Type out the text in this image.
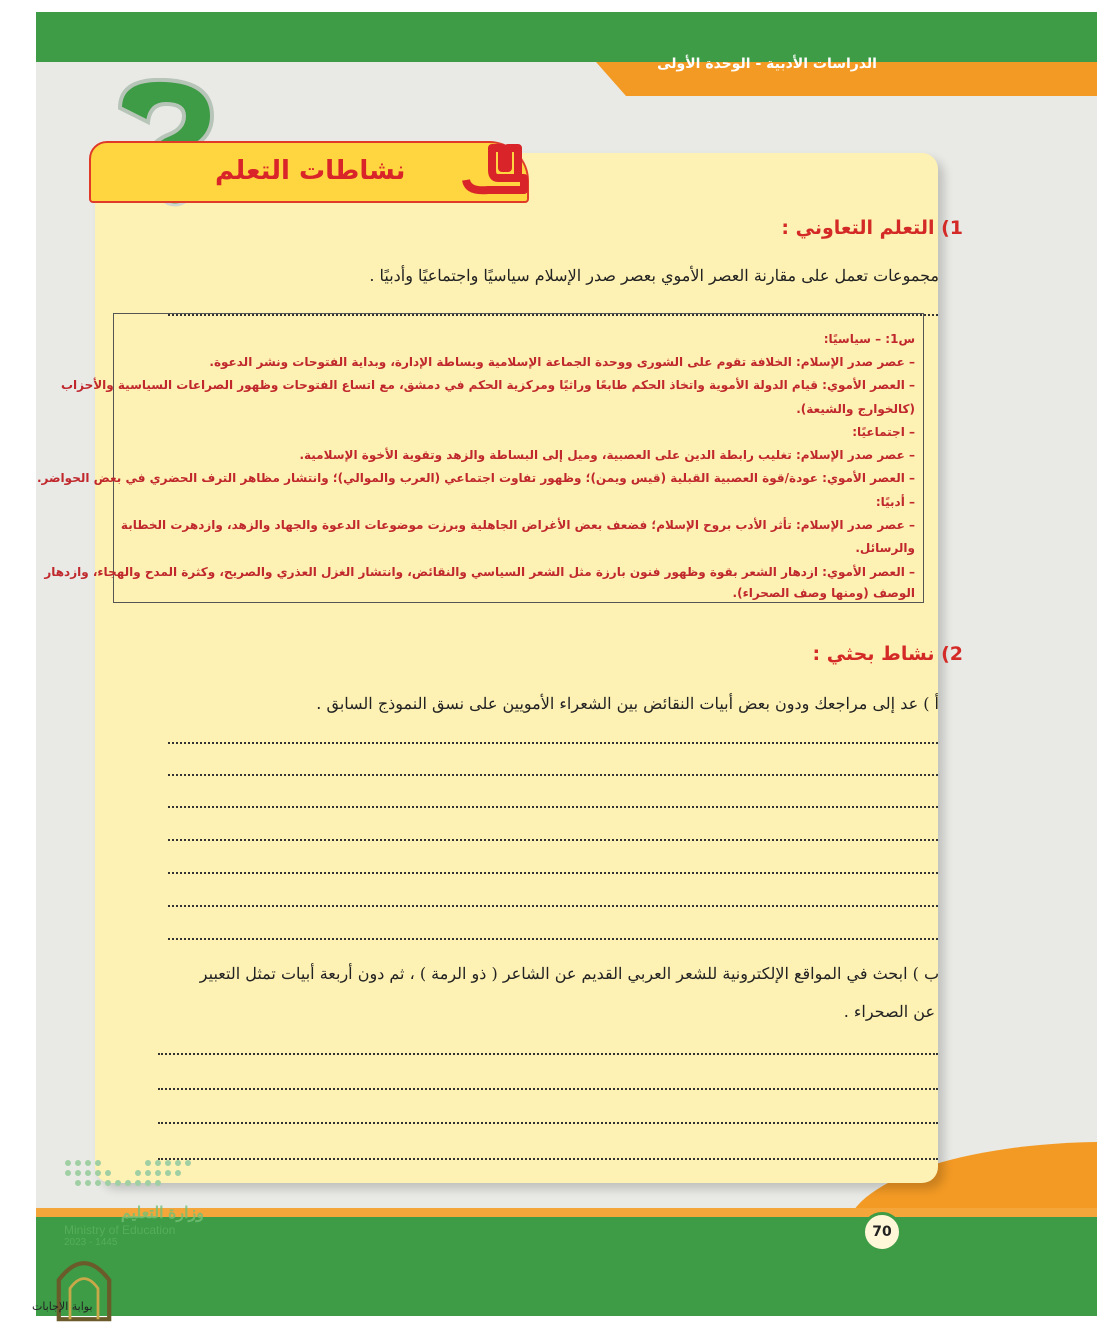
الدراسات الأدبية - الوحدة الأولى
نشاطات التعلم
1) التعلم التعاوني :
مجموعات تعمل على مقارنة العصر الأموي بعصر صدر الإسلام سياسيًا واجتماعيًا وأدبيًا .
س1: – سياسيًا:
– عصر صدر الإسلام: الخلافة تقوم على الشورى ووحدة الجماعة الإسلامية وبساطة الإدارة، وبداية الفتوحات ونشر الدعوة.
– العصر الأموي: قيام الدولة الأموية واتخاذ الحكم طابعًا وراثيًا ومركزية الحكم في دمشق، مع اتساع الفتوحات وظهور الصراعات السياسية والأحزاب
(كالخوارج والشيعة).
– اجتماعيًا:
– عصر صدر الإسلام: تغليب رابطة الدين على العصبية، وميل إلى البساطة والزهد وتقوية الأخوة الإسلامية.
– العصر الأموي: عودة/قوة العصبية القبلية (قيس ويمن)؛ وظهور تفاوت اجتماعي (العرب والموالي)؛ وانتشار مظاهر الترف الحضري في بعض الحواضر.
– أدبيًا:
– عصر صدر الإسلام: تأثر الأدب بروح الإسلام؛ فضعف بعض الأغراض الجاهلية وبرزت موضوعات الدعوة والجهاد والزهد، وازدهرت الخطابة
والرسائل.
– العصر الأموي: ازدهار الشعر بقوة وظهور فنون بارزة مثل الشعر السياسي والنقائض، وانتشار الغزل العذري والصريح، وكثرة المدح والهجاء، وازدهار
الوصف (ومنها وصف الصحراء).
2) نشاط بحثي :
أ ) عد إلى مراجعك ودون بعض أبيات النقائض بين الشعراء الأمويين على نسق النموذج السابق .
ب ) ابحث في المواقع الإلكترونية للشعر العربي القديم عن الشاعر ( ذو الرمة ) ، ثم دون أربعة أبيات تمثل التعبير
عن الصحراء .
وزارة التعليم
Ministry of Education
2023 - 1445
70
بوابة الإجابات
